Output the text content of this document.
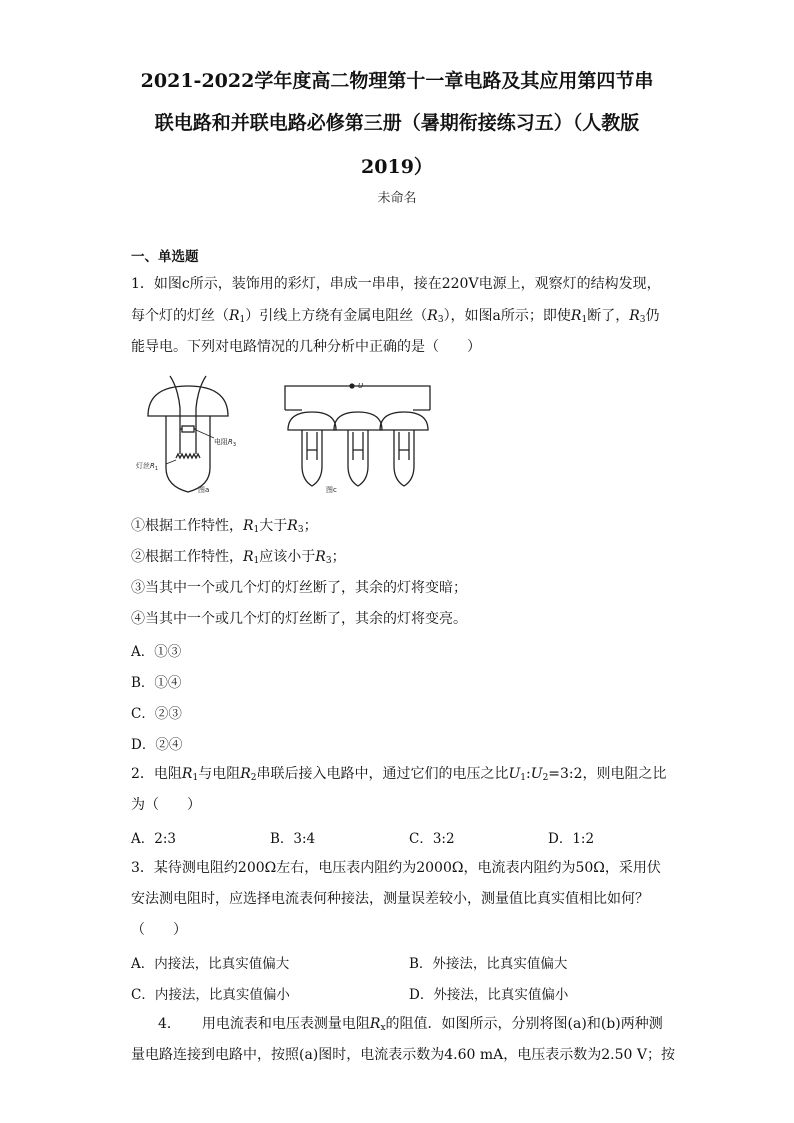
2021-2022学年度高二物理第十一章电路及其应用第四节串
联电路和并联电路必修第三册（暑期衔接练习五）（人教版
2019）
未命名
一、单选题
1．如图c所示，装饰用的彩灯，串成一串串，接在220V电源上，观察灯的结构发现，
每个灯的灯丝$(R_1)$引线上方绕有金属电阻丝$(R_3)$，如图a所示；即使$R_1$断了，$R_3$仍
能导电。下列对电路情况的几种分析中正确的是（　　）
电阻$R_3$
灯丝$R_1$
图a	图c
U
①根据工作特性，$R_1$大于$R_3$；
②根据工作特性，$R_1$应该小于$R_3$；
③当其中一个或几个灯的灯丝断了，其余的灯将变暗；
④当其中一个或几个灯的灯丝断了，其余的灯将变亮。
A．①③
B．①④
C．②③
D．②④
2．电阻$R_1$与电阻$R_2$串联后接入电路中，通过它们的电压之比$U_1:U_2=3:2$，则电阻之比
为（　　）
A．2:3	B．3:4	C．3:2	D．1:2
3．某待测电阻约200Ω左右，电压表内阻约为2000Ω，电流表内阻约为50Ω，采用伏
安法测电阻时，应选择电流表何种接法，测量误差较小，测量值比真实值相比如何？
（　　）
A．内接法，比真实值偏大	B．外接法，比真实值偏大
C．内接法，比真实值偏小	D．外接法，比真实值偏小
4．　　用电流表和电压表测量电阻$R_x$的阻值．如图所示，分别将图(a)和(b)两种测
量电路连接到电路中，按照(a)图时，电流表示数为4.60 mA，电压表示数为2.50 V；按
